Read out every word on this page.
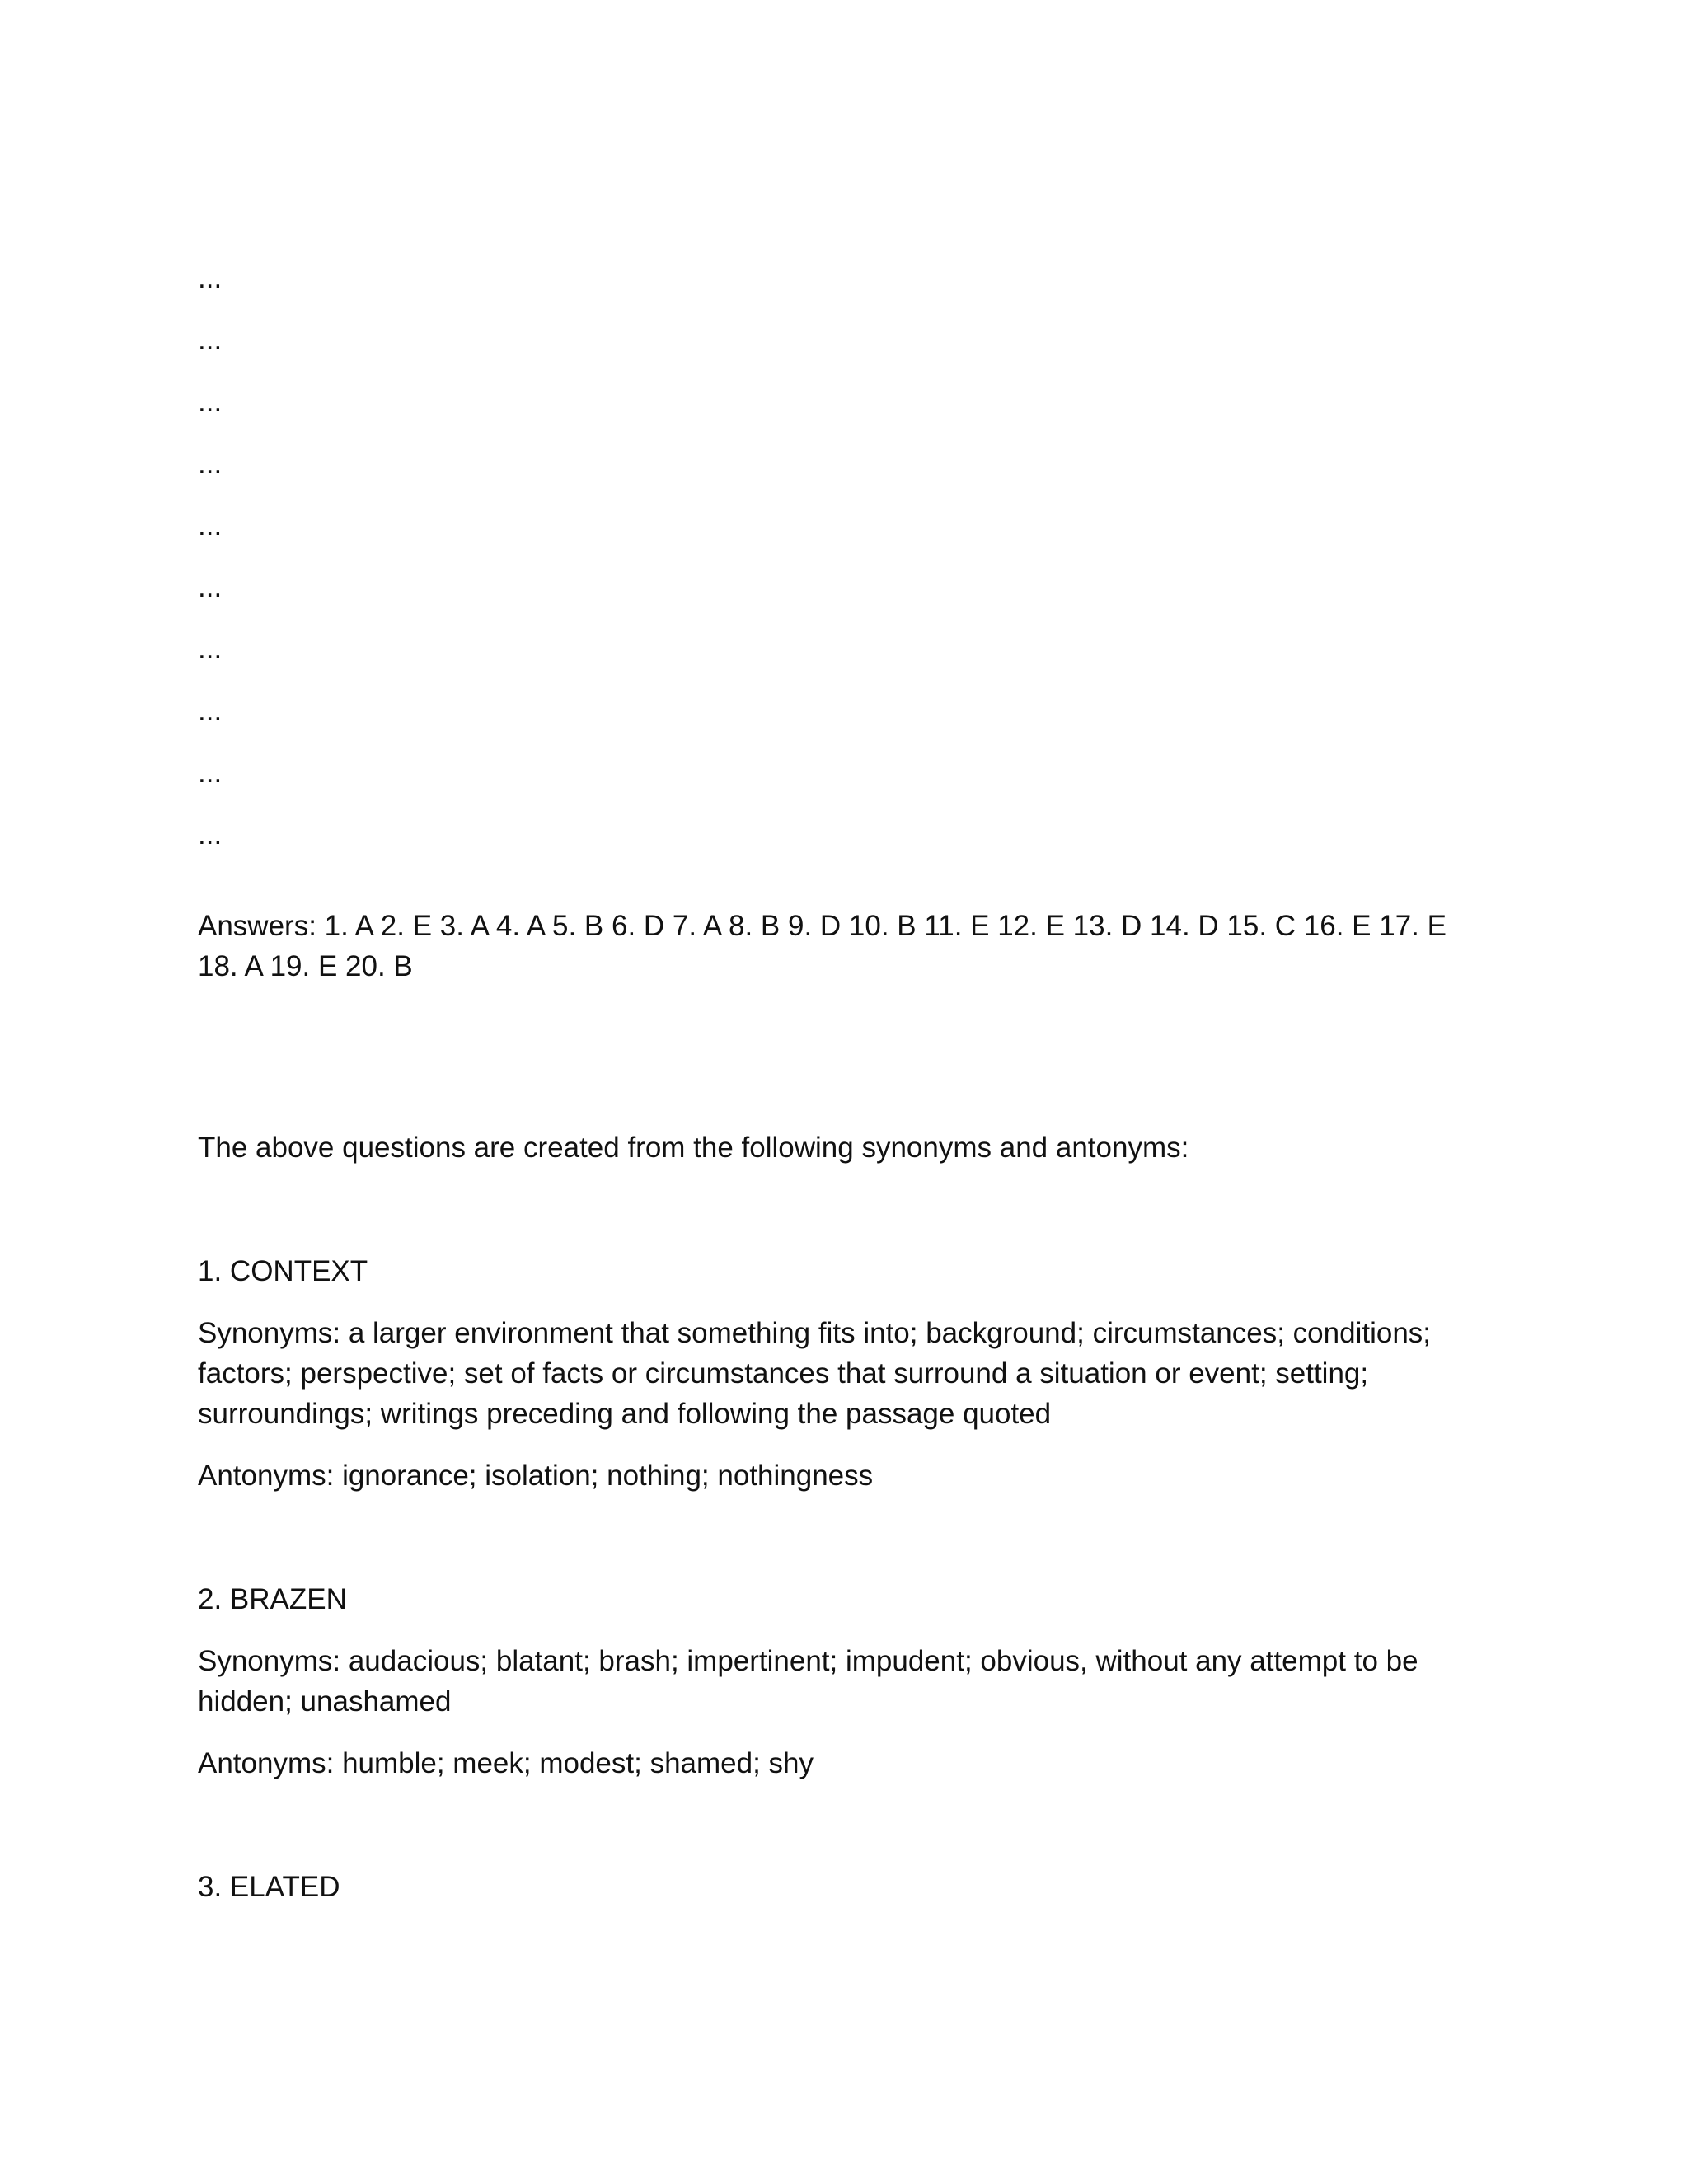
...
...
...
...
...
...
...
...
...
...

Answers: 1. A 2. E 3. A 4. A 5. B 6. D 7. A 8. B 9. D 10. B 11. E 12. E 13. D 14. D 15. C 16. E 17. E 18. A 19. E 20. B

The above questions are created from the following synonyms and antonyms:

1. CONTEXT

Synonyms: a larger environment that something fits into; background; circumstances; conditions; factors; perspective; set of facts or circumstances that surround a situation or event; setting; surroundings; writings preceding and following the passage quoted

Antonyms: ignorance; isolation; nothing; nothingness

2. BRAZEN

Synonyms: audacious; blatant; brash; impertinent; impudent; obvious, without any attempt to be hidden; unashamed

Antonyms: humble; meek; modest; shamed; shy

3. ELATED
